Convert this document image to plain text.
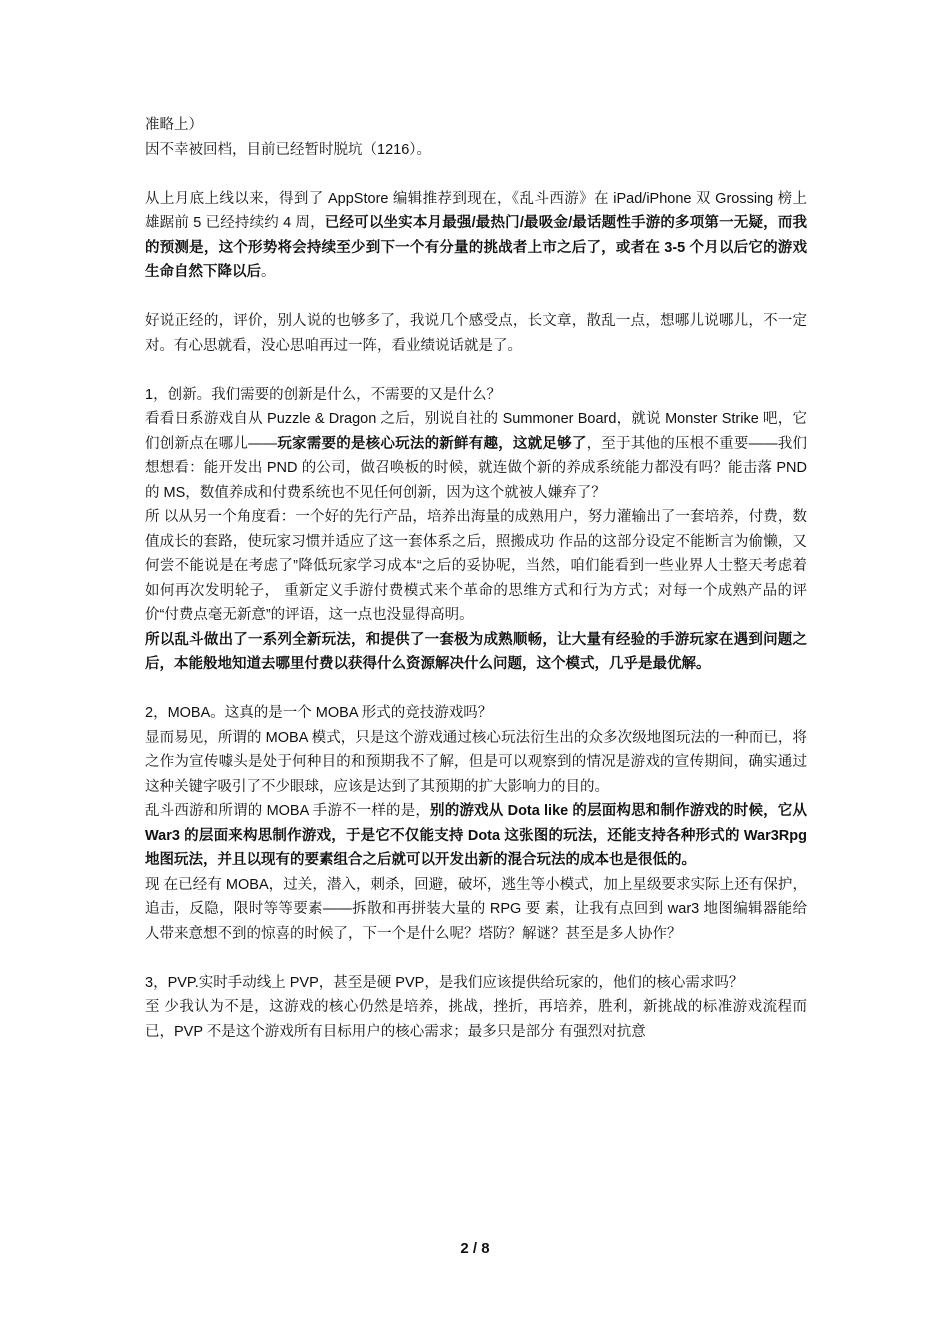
准略上）

因不幸被回档，目前已经暂时脱坑（1216）。

从上月底上线以来，得到了 AppStore 编辑推荐到现在，《乱斗西游》在 iPad/iPhone 双 Grossing 榜上雄踞前 5 已经持续约 4 周，已经可以坐实本月最强/最热门/最吸金/最话题性手游的多项第一无疑，而我的预测是，这个形势将会持续至少到下一个有分量的挑战者上市之后了，或者在 3-5 个月以后它的游戏生命自然下降以后。

好说正经的，评价，别人说的也够多了，我说几个感受点，长文章，散乱一点，想哪儿说哪儿，不一定对。有心思就看，没心思咱再过一阵，看业绩说话就是了。

1，创新。我们需要的创新是什么，不需要的又是什么？

看看日系游戏自从 Puzzle & Dragon 之后，别说自社的 Summoner Board，就说 Monster Strike 吧，它们创新点在哪儿——玩家需要的是核心玩法的新鲜有趣，这就足够了，至于其他的压根不重要——我们想想看：能开发出 PND 的公司，做召唤板的时候，就连做个新的养成系统能力都没有吗？能击落 PND 的 MS，数值养成和付费系统也不见任何创新，因为这个就被人嫌弃了？

所 以从另一个角度看：一个好的先行产品，培养出海量的成熟用户，努力灌输出了一套培养，付费，数值成长的套路，使玩家习惯并适应了这一套体系之后，照搬成功 作品的这部分设定不能断言为偷懒，又何尝不能说是在考虑了”降低玩家学习成本“之后的妥协呢，当然，咱们能看到一些业界人士整天考虑着如何再次发明轮子， 重新定义手游付费模式来个革命的思维方式和行为方式；对每一个成熟产品的评价“付费点毫无新意”的评语，这一点也没显得高明。

所以乱斗做出了一系列全新玩法，和提供了一套极为成熟顺畅，让大量有经验的手游玩家在遇到问题之后，本能般地知道去哪里付费以获得什么资源解决什么问题，这个模式，几乎是最优解。

2，MOBA。这真的是一个 MOBA 形式的竞技游戏吗？

显而易见，所谓的 MOBA 模式，只是这个游戏通过核心玩法衍生出的众多次级地图玩法的一种而已，将之作为宣传噱头是处于何种目的和预期我不了解，但是可以观察到的情况是游戏的宣传期间，确实通过这种关键字吸引了不少眼球，应该是达到了其预期的扩大影响力的目的。

乱斗西游和所谓的 MOBA 手游不一样的是，别的游戏从 Dota like 的层面构思和制作游戏的时候，它从 War3 的层面来构思制作游戏，于是它不仅能支持 Dota 这张图的玩法，还能支持各种形式的 War3Rpg 地图玩法，并且以现有的要素组合之后就可以开发出新的混合玩法的成本也是很低的。

现 在已经有 MOBA，过关，潜入，刺杀，回避，破坏，逃生等小模式，加上星级要求实际上还有保护，追击，反隐，限时等等要素——拆散和再拼装大量的 RPG 要 素，让我有点回到 war3 地图编辑器能给人带来意想不到的惊喜的时候了，下一个是什么呢？塔防？解谜？甚至是多人协作？

3，PVP.实时手动线上 PVP，甚至是硬 PVP，是我们应该提供给玩家的，他们的核心需求吗？

至 少我认为不是，这游戏的核心仍然是培养，挑战，挫折，再培养，胜利，新挑战的标准游戏流程而已，PVP 不是这个游戏所有目标用户的核心需求；最多只是部分 有强烈对抗意

2 / 8
